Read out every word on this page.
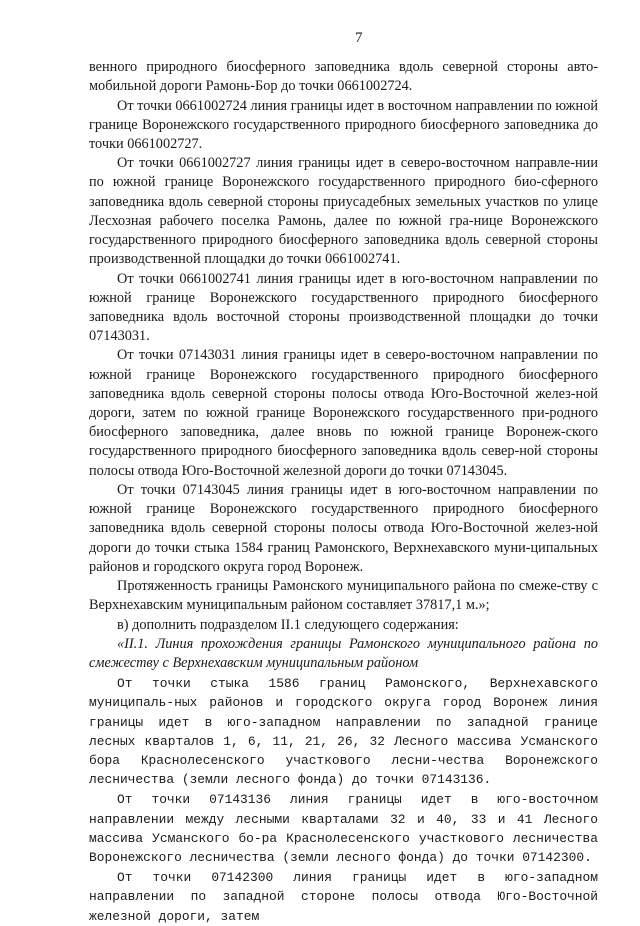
7

венного природного биосферного заповедника вдоль северной стороны авто-мобильной дороги Рамонь-Бор до точки 0661002724.

От точки 0661002724 линия границы идет в восточном направлении по южной границе Воронежского государственного природного биосферного заповедника до точки 0661002727.

От точки 0661002727 линия границы идет в северо-восточном направле-нии по южной границе Воронежского государственного природного био-сферного заповедника вдоль северной стороны приусадебных земельных участков по улице Лесхозная рабочего поселка Рамонь, далее по южной гра-нице Воронежского государственного природного биосферного заповедника вдоль северной стороны производственной площадки до точки 0661002741.

От точки 0661002741 линия границы идет в юго-восточном направлении по южной границе Воронежского государственного природного биосферного заповедника вдоль восточной стороны производственной площадки до точки 07143031.

От точки 07143031 линия границы идет в северо-восточном направлении по южной границе Воронежского государственного природного биосферного заповедника вдоль северной стороны полосы отвода Юго-Восточной желез-ной дороги, затем по южной границе Воронежского государственного при-родного биосферного заповедника, далее вновь по южной границе Воронеж-ского государственного природного биосферного заповедника вдоль север-ной стороны полосы отвода Юго-Восточной железной дороги до точки 07143045.

От точки 07143045 линия границы идет в юго-восточном направлении по южной границе Воронежского государственного природного биосферного заповедника вдоль северной стороны полосы отвода Юго-Восточной желез-ной дороги до точки стыка 1584 границ Рамонского, Верхнехавского муни-ципальных районов и городского округа город Воронеж.

Протяженность границы Рамонского муниципального района по смеже-ству с Верхнехавским муниципальным районом составляет 37817,1 м.»;

в) дополнить подразделом II.1 следующего содержания:

«II.1. Линия прохождения границы Рамонского муниципального района по смежеству с Верхнехавским муниципальным районом

От точки стыка 1586 границ Рамонского, Верхнехавского муниципаль-ных районов и городского округа город Воронеж линия границы идет в юго-западном направлении по западной границе лесных кварталов 1, 6, 11, 21, 26, 32 Лесного массива Усманского бора Краснолесенского участкового лесни-чества Воронежского лесничества (земли лесного фонда) до точки 07143136.

От точки 07143136 линия границы идет в юго-восточном направлении между лесными кварталами 32 и 40, 33 и 41 Лесного массива Усманского бо-ра Краснолесенского участкового лесничества Воронежского лесничества (земли лесного фонда) до точки 07142300.

От точки 07142300 линия границы идет в юго-западном направлении по западной стороне полосы отвода Юго-Восточной железной дороги, затем
